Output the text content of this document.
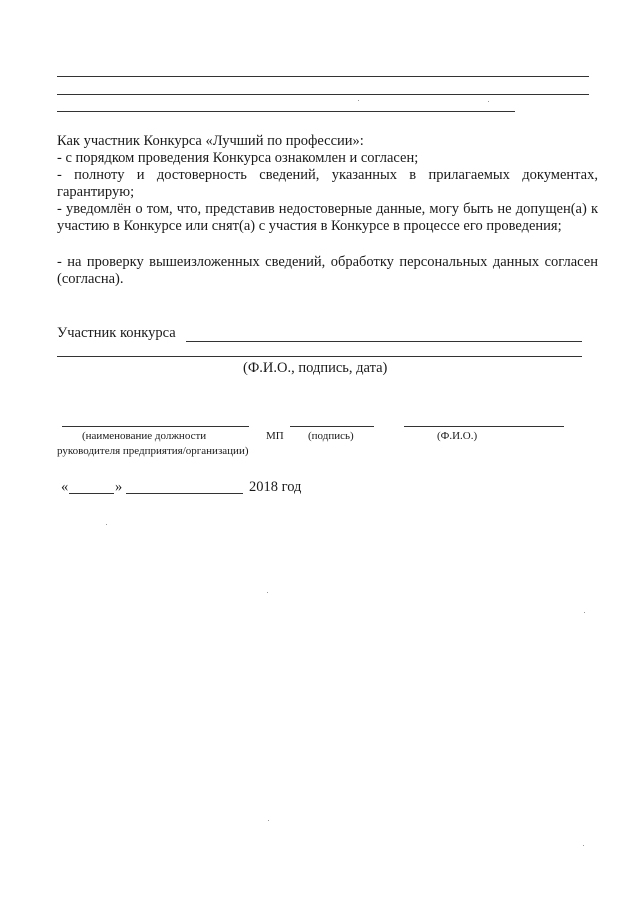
Как участник Конкурса «Лучший по профессии»:
- с порядком проведения Конкурса ознакомлен и согласен;
- полноту и достоверность сведений, указанных в прилагаемых документах, гарантирую;
- уведомлён о том, что, представив недостоверные данные, могу быть не допущен(а) к участию в Конкурсе или снят(а) с участия в Конкурсе в процессе его проведения;
- на проверку вышеизложенных сведений, обработку персональных данных согласен (согласна).
Участник конкурса
(Ф.И.О., подпись, дата)
(наименование должности	МП (подпись)	(Ф.И.О.)
руководителя предприятия/организации)
«	»	2018 год
